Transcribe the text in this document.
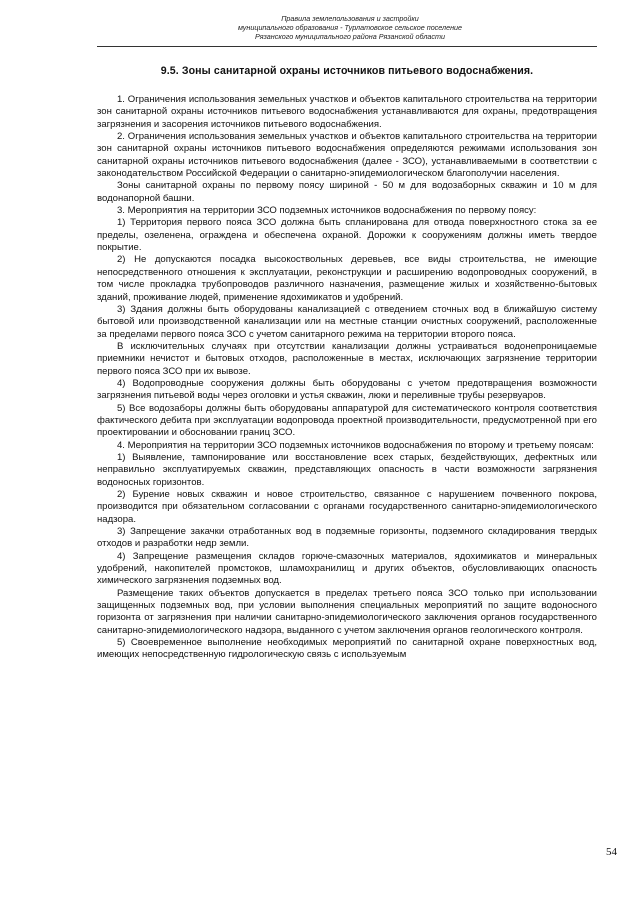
Правила землепользования и застройки
муниципального образования - Турлатовское сельское поселение
Рязанского муниципального района Рязанской области
9.5. Зоны санитарной охраны источников питьевого водоснабжения.

1. Ограничения использования земельных участков и объектов капитального строительства на территории зон санитарной охраны источников питьевого водоснабжения устанавливаются для охраны, предотвращения загрязнения и засорения источников питьевого водоснабжения.

2. Ограничения использования земельных участков и объектов капитального строительства на территории зон санитарной охраны источников питьевого водоснабжения определяются режимами использования зон санитарной охраны источников питьевого водоснабжения (далее - ЗСО), устанавливаемыми в соответствии с законодательством Российской Федерации о санитарно-эпидемиологическом благополучии населения.

Зоны санитарной охраны по первому поясу шириной - 50 м для водозаборных скважин и 10 м для водонапорной башни.

3. Мероприятия на территории ЗСО подземных источников водоснабжения по первому поясу:

1) Территория первого пояса ЗСО должна быть спланирована для отвода поверхностного стока за ее пределы, озеленена, ограждена и обеспечена охраной. Дорожки к сооружениям должны иметь твердое покрытие.

2) Не допускаются посадка высокоствольных деревьев, все виды строительства, не имеющие непосредственного отношения к эксплуатации, реконструкции и расширению водопроводных сооружений, в том числе прокладка трубопроводов различного назначения, размещение жилых и хозяйственно-бытовых зданий, проживание людей, применение ядохимикатов и удобрений.

3) Здания должны быть оборудованы канализацией с отведением сточных вод в ближайшую систему бытовой или производственной канализации или на местные станции очистных сооружений, расположенные за пределами первого пояса ЗСО с учетом санитарного режима на территории второго пояса.

В исключительных случаях при отсутствии канализации должны устраиваться водонепроницаемые приемники нечистот и бытовых отходов, расположенные в местах, исключающих загрязнение территории первого пояса ЗСО при их вывозе.

4) Водопроводные сооружения должны быть оборудованы с учетом предотвращения возможности загрязнения питьевой воды через оголовки и устья скважин, люки и переливные трубы резервуаров.

5) Все водозаборы должны быть оборудованы аппаратурой для систематического контроля соответствия фактического дебита при эксплуатации водопровода проектной производительности, предусмотренной при его проектировании и обосновании границ ЗСО.

4. Мероприятия на территории ЗСО подземных источников водоснабжения по второму и третьему поясам:

1) Выявление, тампонирование или восстановление всех старых, бездействующих, дефектных или неправильно эксплуатируемых скважин, представляющих опасность в части возможности загрязнения водоносных горизонтов.

2) Бурение новых скважин и новое строительство, связанное с нарушением почвенного покрова, производится при обязательном согласовании с органами государственного санитарно-эпидемиологического надзора.

3) Запрещение закачки отработанных вод в подземные горизонты, подземного складирования твердых отходов и разработки недр земли.

4) Запрещение размещения складов горюче-смазочных материалов, ядохимикатов и минеральных удобрений, накопителей промстоков, шламохранилищ и других объектов, обусловливающих опасность химического загрязнения подземных вод.

Размещение таких объектов допускается в пределах третьего пояса ЗСО только при использовании защищенных подземных вод, при условии выполнения специальных мероприятий по защите водоносного горизонта от загрязнения при наличии санитарно-эпидемиологического заключения органов государственного санитарно-эпидемиологического надзора, выданного с учетом заключения органов геологического контроля.

5) Своевременное выполнение необходимых мероприятий по санитарной охране поверхностных вод, имеющих непосредственную гидрологическую связь с используемым

54
